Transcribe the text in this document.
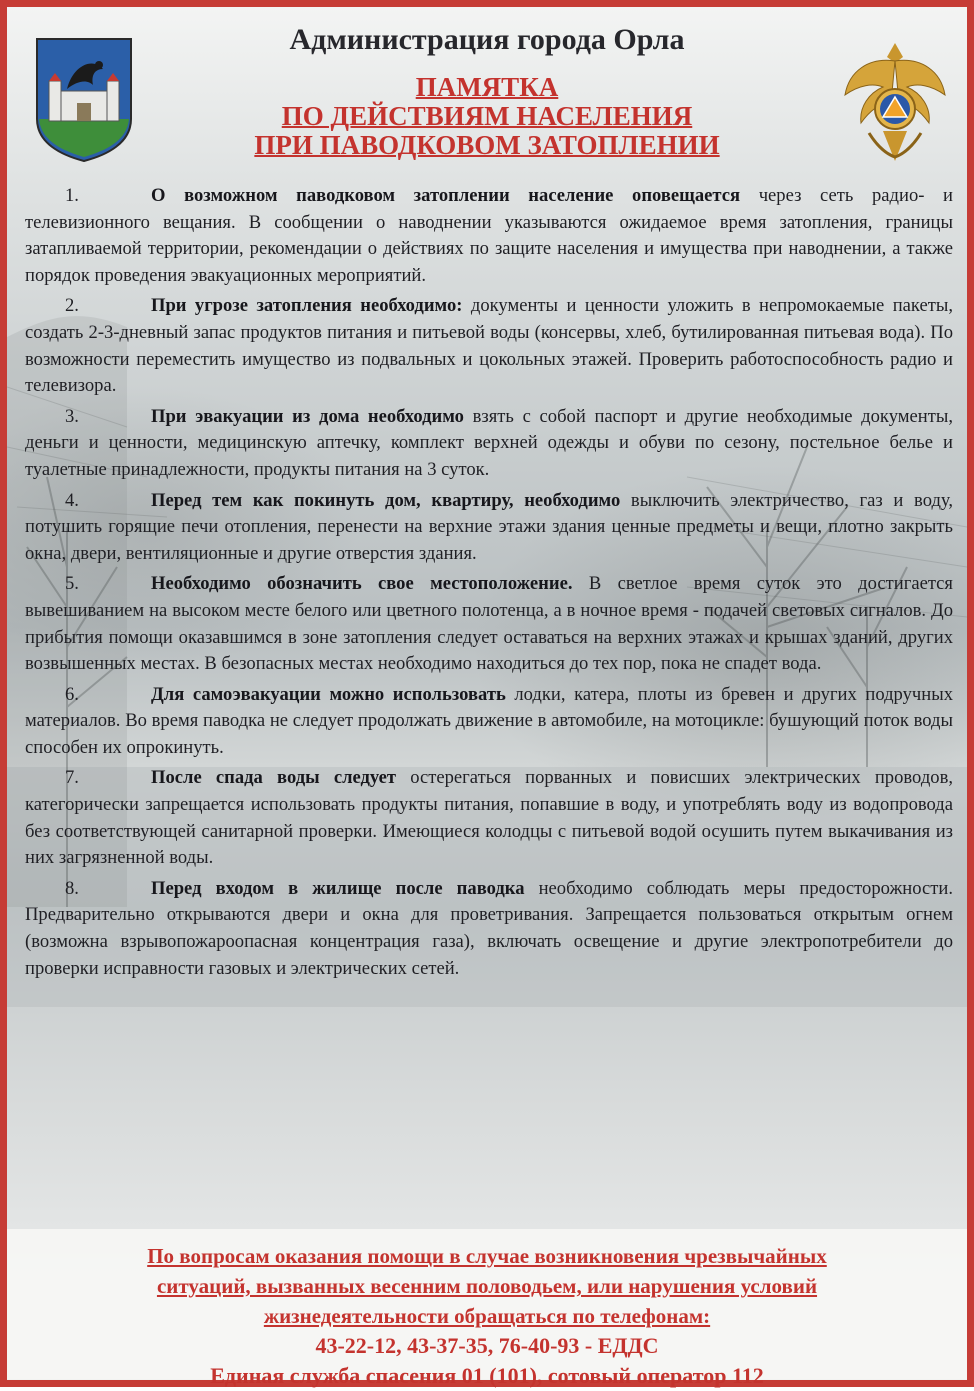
Администрация города Орла
ПАМЯТКА
ПО ДЕЙСТВИЯМ НАСЕЛЕНИЯ
ПРИ ПАВОДКОВОМ ЗАТОПЛЕНИИ

1.	О возможном паводковом затоплении население оповещается через сеть радио- и телевизионного вещания. В сообщении о наводнении указываются ожидаемое время затопления, границы затапливаемой территории, рекомендации о действиях по защите населения и имущества при наводнении, а также порядок проведения эвакуационных мероприятий.

2.	При угрозе затопления необходимо: документы и ценности уложить в непромокаемые пакеты, создать 2-3-дневный запас продуктов питания и питьевой воды (консервы, хлеб, бутилированная питьевая вода). По возможности переместить имущество из подвальных и цокольных этажей. Проверить работоспособность радио и телевизора.

3.	При эвакуации из дома необходимо взять с собой паспорт и другие необходимые документы, деньги и ценности, медицинскую аптечку, комплект верхней одежды и обуви по сезону, постельное белье и туалетные принадлежности, продукты питания на 3 суток.

4.	Перед тем как покинуть дом, квартиру, необходимо выключить электричество, газ и воду, потушить горящие печи отопления, перенести на верхние этажи здания ценные предметы и вещи, плотно закрыть окна, двери, вентиляционные и другие отверстия здания.

5.	Необходимо обозначить свое местоположение. В светлое время суток это достигается вывешиванием на высоком месте белого или цветного полотенца, а в ночное время - подачей световых сигналов. До прибытия помощи оказавшимся в зоне затопления следует оставаться на верхних этажах и крышах зданий, других возвышенных местах. В безопасных местах необходимо находиться до тех пор, пока не спадет вода.

6.	Для самоэвакуации можно использовать лодки, катера, плоты из бревен и других подручных материалов. Во время паводка не следует продолжать движение в автомобиле, на мотоцикле: бушующий поток воды способен их опрокинуть.

7.	После спада воды следует остерегаться порванных и повисших электрических проводов, категорически запрещается использовать продукты питания, попавшие в воду, и употреблять воду из водопровода без соответствующей санитарной проверки. Имеющиеся колодцы с питьевой водой осушить путем выкачивания из них загрязненной воды.

8.	Перед входом в жилище после паводка необходимо соблюдать меры предосторожности. Предварительно открываются двери и окна для проветривания. Запрещается пользоваться открытым огнем (возможна взрывопожароопасная концентрация газа), включать освещение и другие электропотребители до проверки исправности газовых и электрических сетей.

По вопросам оказания помощи в случае возникновения чрезвычайных
ситуаций, вызванных весенним половодьем, или нарушения условий
жизнедеятельности обращаться по телефонам:

43-22-12, 43-37-35, 76-40-93 - ЕДДС

Единая служба спасения 01 (101), сотовый оператор 112
